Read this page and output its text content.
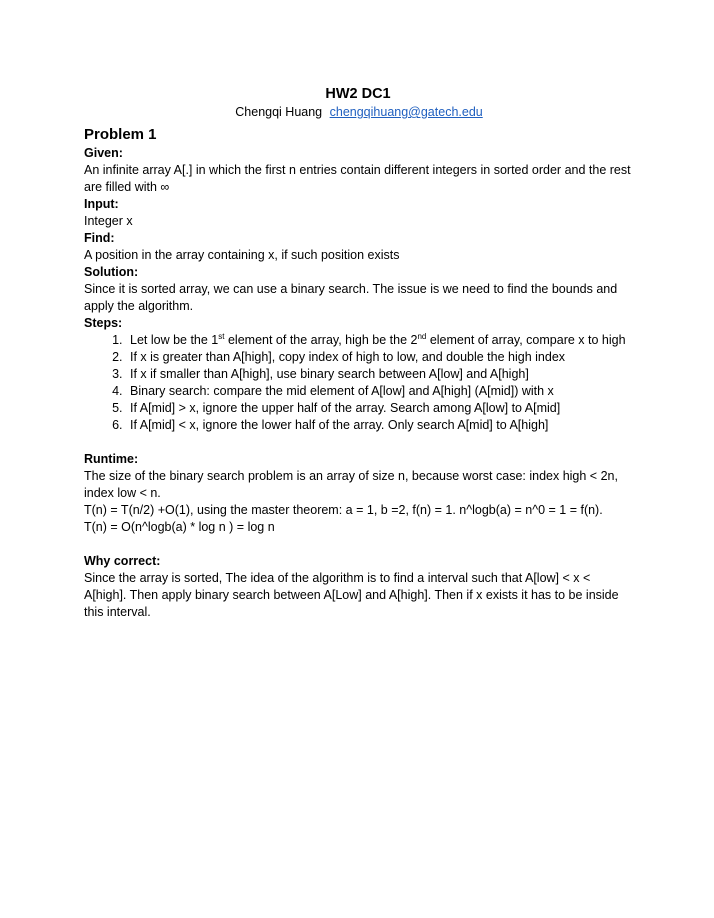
HW2 DC1
Chengqi Huang chengqihuang@gatech.edu
Problem 1
Given:

An infinite array A[.] in which the first n entries contain different integers in sorted order and the rest are filled with ∞

Input:

Integer x

Find:

A position in the array containing x, if such position exists

Solution:

Since it is sorted array, we can use a binary search. The issue is we need to find the bounds and apply the algorithm.

Steps:
1. Let low be the 1st element of the array, high be the 2nd element of array, compare x to high
2. If x is greater than A[high], copy index of high to low, and double the high index
3. If x if smaller than A[high], use binary search between A[low] and A[high]
4. Binary search: compare the mid element of A[low] and A[high] (A[mid]) with x
5. If A[mid] > x, ignore the upper half of the array. Search among A[low] to A[mid]
6. If A[mid] < x, ignore the lower half of the array. Only search A[mid] to A[high]
Runtime:

The size of the binary search problem is an array of size n, because worst case: index high < 2n, index low < n.

T(n) = T(n/2) +O(1), using the master theorem: a = 1, b =2, f(n) = 1. n^logb(a) = n^0 = 1 = f(n).

T(n) = O(n^logb(a) * log n ) = log n

Why correct:

Since the array is sorted, The idea of the algorithm is to find a interval such that A[low] < x < A[high]. Then apply binary search between A[Low] and A[high]. Then if x exists it has to be inside this interval.
